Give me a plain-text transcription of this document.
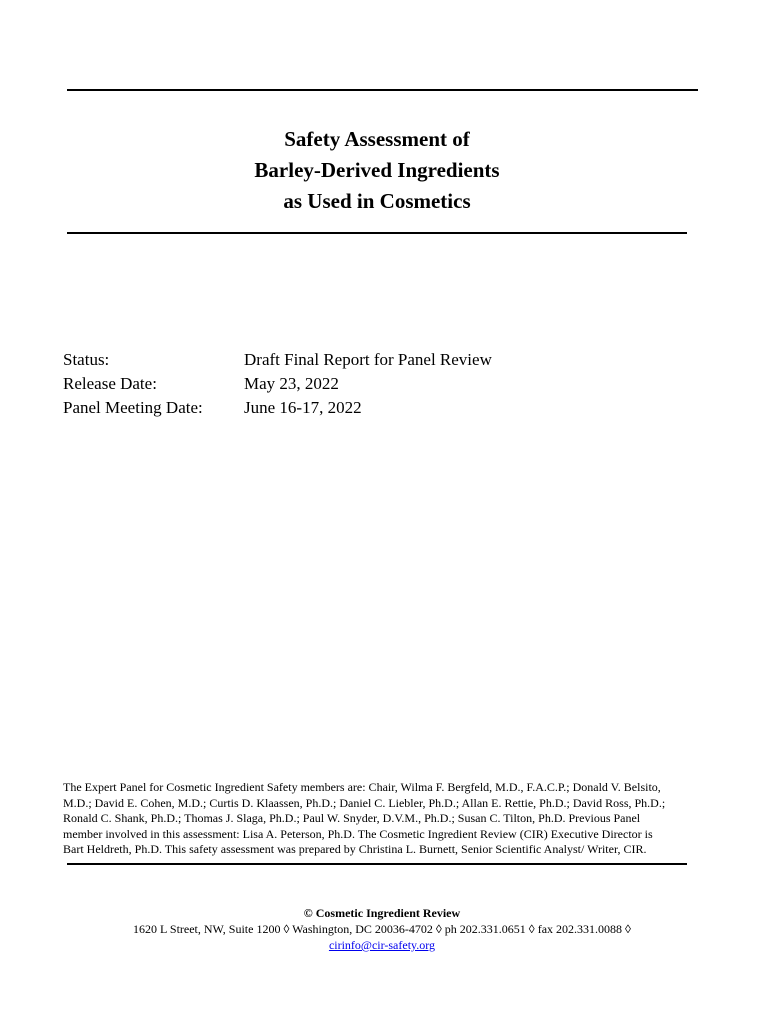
Safety Assessment of
Barley-Derived Ingredients
as Used in Cosmetics
Status:	Draft Final Report for Panel Review
Release Date:	May 23, 2022
Panel Meeting Date: June 16-17, 2022
The Expert Panel for Cosmetic Ingredient Safety members are: Chair, Wilma F. Bergfeld, M.D., F.A.C.P.; Donald V. Belsito,
M.D.; David E. Cohen, M.D.; Curtis D. Klaassen, Ph.D.; Daniel C. Liebler, Ph.D.; Allan E. Rettie, Ph.D.; David Ross, Ph.D.;
Ronald C. Shank, Ph.D.; Thomas J. Slaga, Ph.D.; Paul W. Snyder, D.V.M., Ph.D.; Susan C. Tilton, Ph.D. Previous Panel
member involved in this assessment: Lisa A. Peterson, Ph.D. The Cosmetic Ingredient Review (CIR) Executive Director is
Bart Heldreth, Ph.D. This safety assessment was prepared by Christina L. Burnett, Senior Scientific Analyst/ Writer, CIR.
© Cosmetic Ingredient Review
1620 L Street, NW, Suite 1200 ◊ Washington, DC 20036-4702 ◊ ph 202.331.0651 ◊ fax 202.331.0088 ◊
cirinfo@cir-safety.org
